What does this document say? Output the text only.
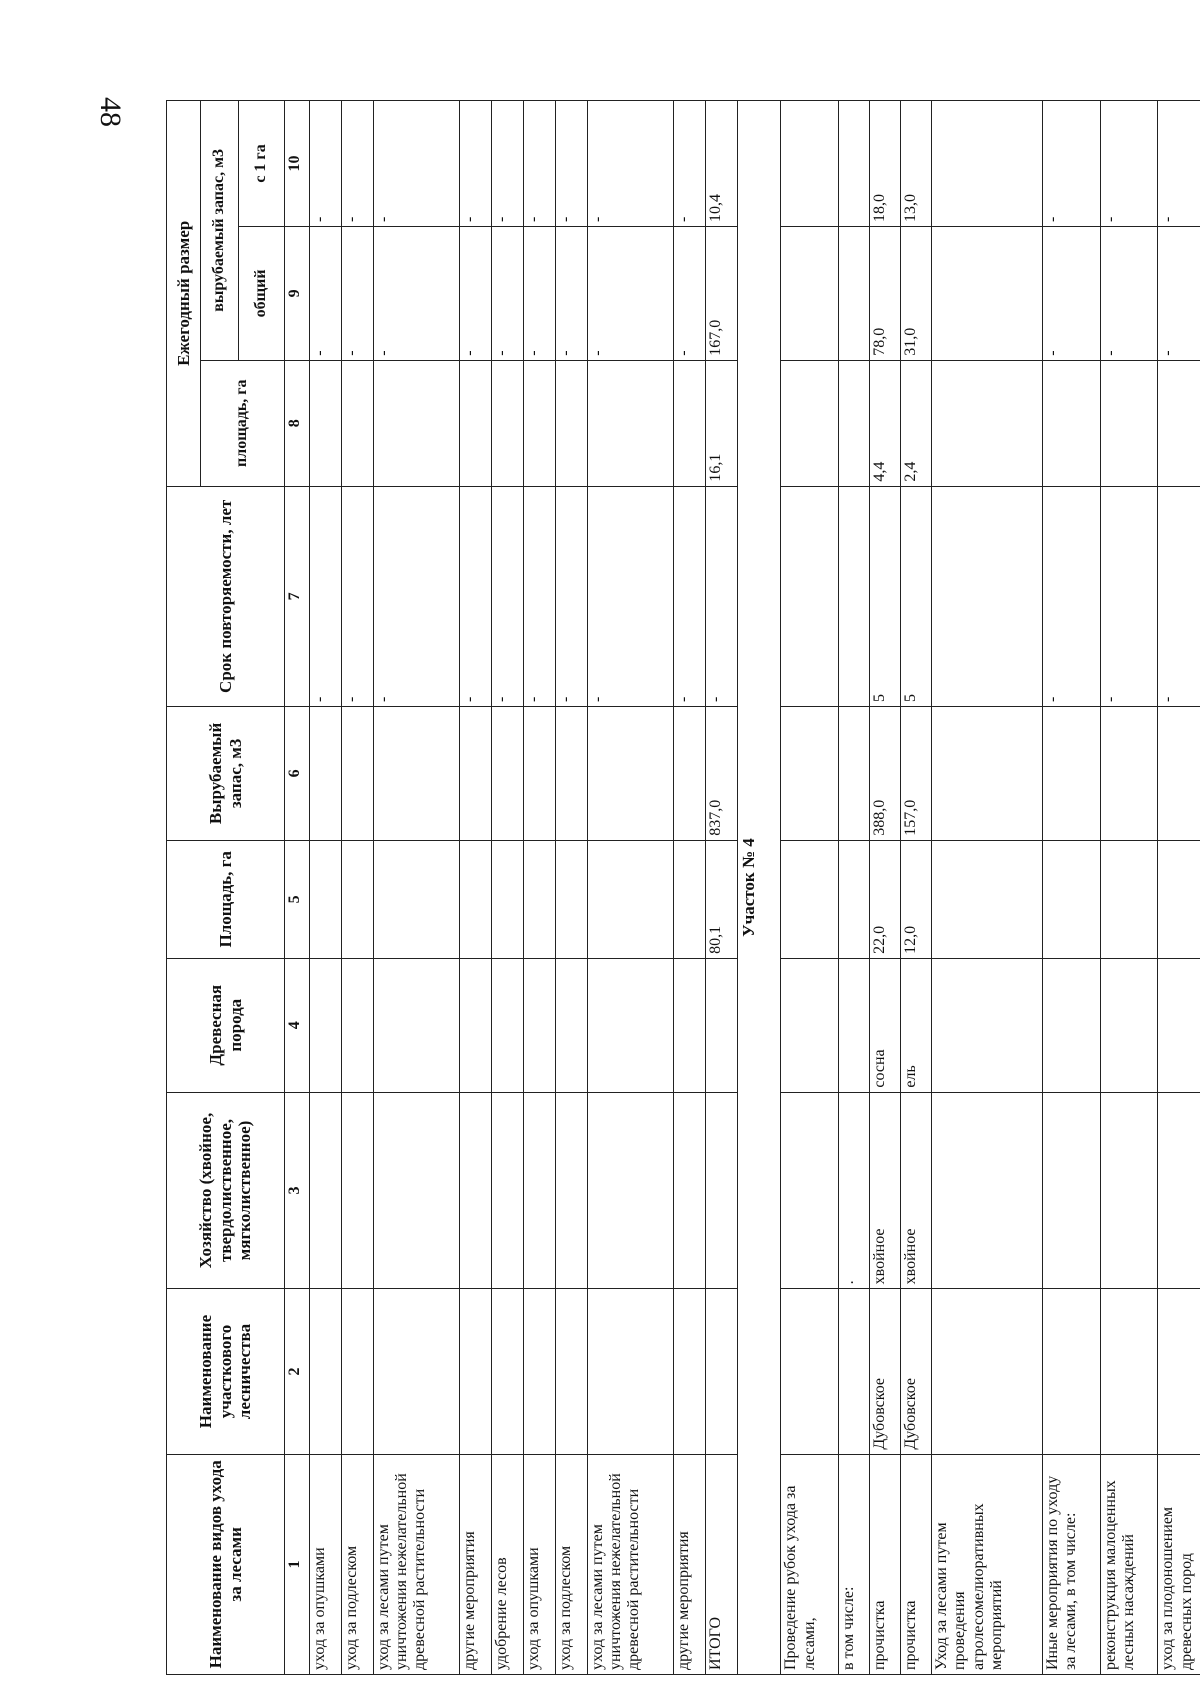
48
Наименование видов ухода за лесами	Наименование участкового лесничества	Хозяйство (хвойное, твердолиственное, мягколиственное)	Древесная порода	Площадь, га	Вырубаемый запас, м3	Срок повторяемости, лет	Ежегодный размер		
							площадь, га	вырубаемый запас, м3	
								общий	с 1 га
1	2	3	4	5	6	7	8	9	10
уход за опушками						-		-	-
уход за подлеском						-		-	-
уход за лесами путем уничтожения нежелательной древесной растительности						-		-	-
другие мероприятия						-		-	-
удобрение лесов						-		-	-
уход за опушками						-		-	-
уход за подлеском						-		-	-
уход за лесами путем уничтожения нежелательной древесной растительности						-		-	-
другие мероприятия						-		-	-
ИТОГО				80,1	837,0	-	16,1	167,0	10,4
Участок № 4									
Проведение рубок ухода за лесами,									
в том числе:		.							
прочистка	Дубовское	хвойное	сосна	22,0	388,0	5	4,4	78,0	18,0
прочистка	Дубовское	хвойное	ель	12,0	157,0	5	2,4	31,0	13,0
Уход за лесами путем проведения агролесомелиоративных мероприятий									
Иные мероприятия по уходу за лесами, в том числе:						-		-	-
реконструкция малоценных лесных насаждений						-		-	-
уход за плодоношением древесных пород						-		-	-
